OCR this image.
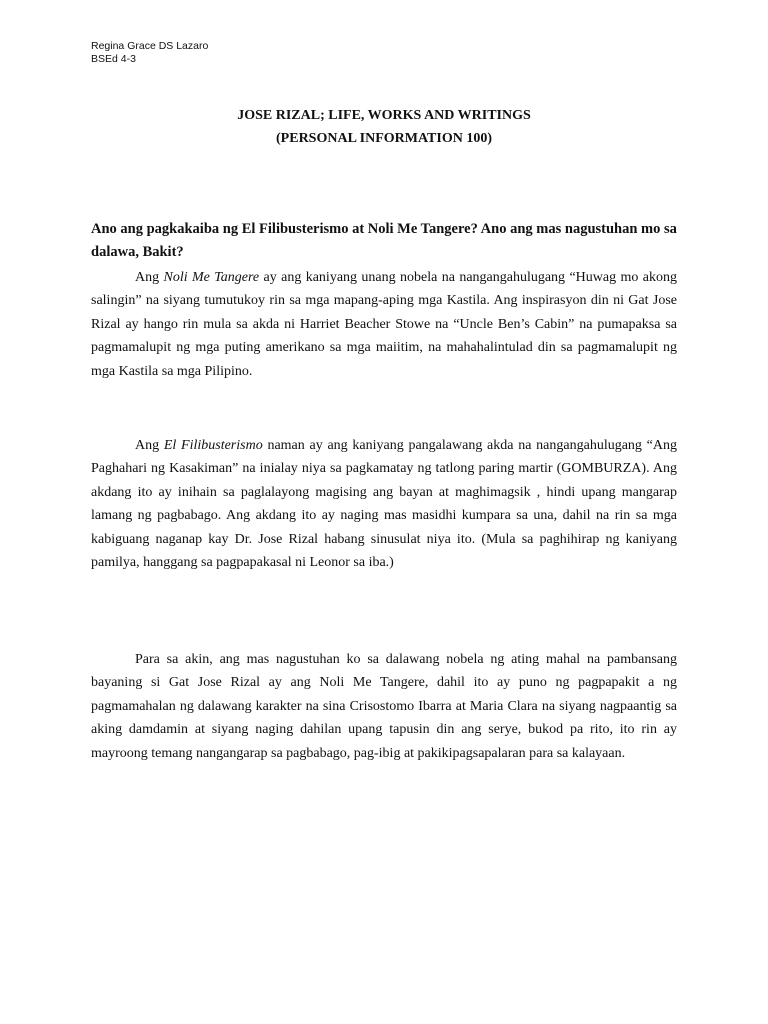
Regina Grace DS Lazaro
BSEd 4-3
JOSE RIZAL; LIFE, WORKS AND WRITINGS
(PERSONAL INFORMATION 100)
Ano ang pagkakaiba ng El Filibusterismo at Noli Me Tangere? Ano ang mas nagustuhan mo sa dalawa, Bakit?

Ang Noli Me Tangere ay ang kaniyang unang nobela na nangangahulugang “Huwag mo akong salingin” na siyang tumutukoy rin sa mga mapang-aping mga Kastila. Ang inspirasyon din ni Gat Jose Rizal ay hango rin mula sa akda ni Harriet Beacher Stowe na “Uncle Ben’s Cabin” na pumapaksa sa pagmamalupit ng mga puting amerikano sa mga maiitim, na mahahalintulad din sa pagmamalupit ng mga Kastila sa mga Pilipino.

Ang El Filibusterismo naman ay ang kaniyang pangalawang akda na nangangahulugang “Ang Paghahari ng Kasakiman” na inialay niya sa pagkamatay ng tatlong paring martir (GOMBURZA). Ang akdang ito ay inihain sa paglalayong magising ang bayan at maghimagsik , hindi upang mangarap lamang ng pagbabago. Ang akdang ito ay naging mas masidhi kumpara sa una, dahil na rin sa mga kabiguang naganap kay Dr. Jose Rizal habang sinusulat niya ito. (Mula sa paghihirap ng kaniyang pamilya, hanggang sa pagpapakasal ni Leonor sa iba.)

Para sa akin, ang mas nagustuhan ko sa dalawang nobela ng ating mahal na pambansang bayaning si Gat Jose Rizal ay ang Noli Me Tangere, dahil ito ay puno ng pagpapakit a ng pagmamahalan ng dalawang karakter na sina Crisostomo Ibarra at Maria Clara na siyang nagpaantig sa aking damdamin at siyang naging dahilan upang tapusin din ang serye, bukod pa rito, ito rin ay mayroong temang nangangarap sa pagbabago, pag-ibig at pakikipagsapalaran para sa kalayaan.
